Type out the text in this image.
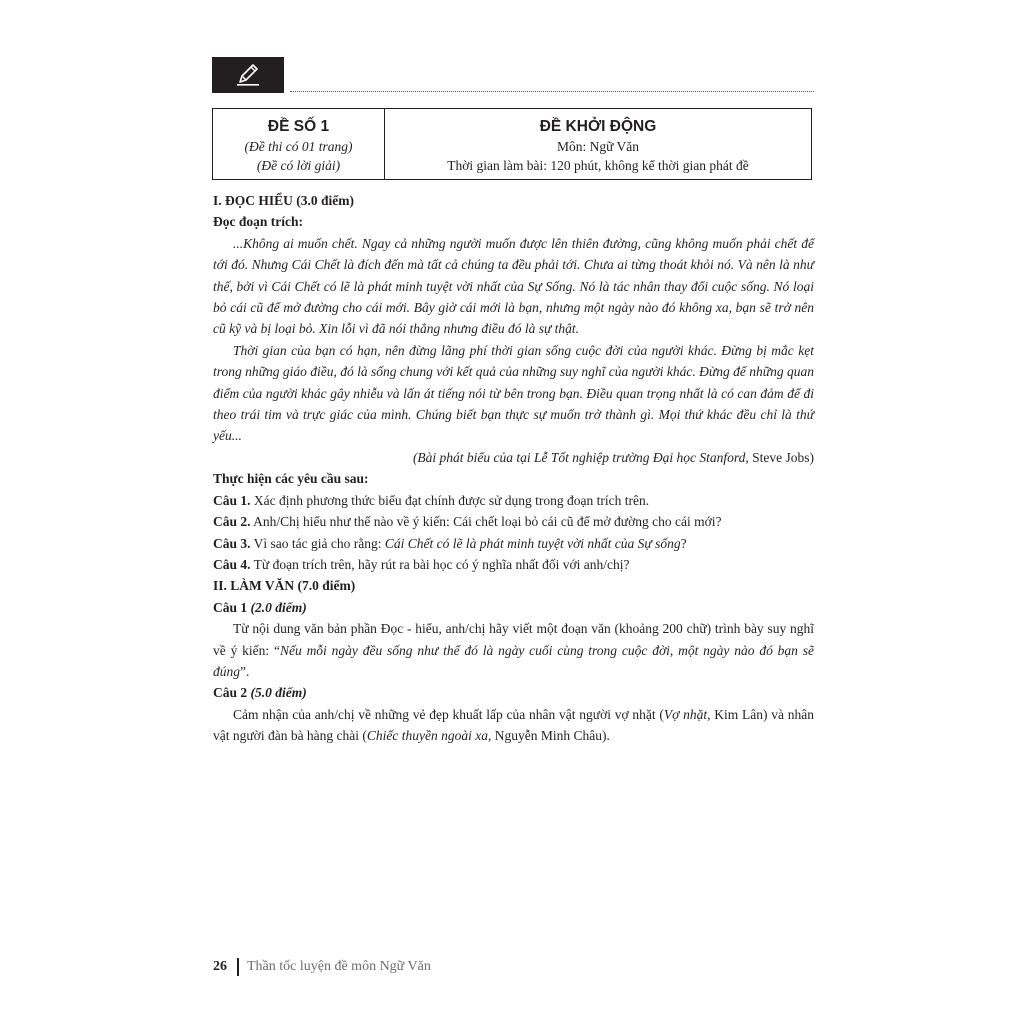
ĐỀ SỐ 1
(Đề thi có 01 trang)
(Đề có lời giải)
ĐỀ KHỞI ĐỘNG
Môn: Ngữ Văn
Thời gian làm bài: 120 phút, không kể thời gian phát đề

I. ĐỌC HIỂU (3.0 điểm)

Đọc đoạn trích:

...Không ai muốn chết. Ngay cả những người muốn được lên thiên đường, cũng không muốn phải chết để tới đó. Nhưng Cái Chết là đích đến mà tất cả chúng ta đều phải tới. Chưa ai từng thoát khỏi nó. Và nên là như thế, bởi vì Cái Chết có lẽ là phát minh tuyệt vời nhất của Sự Sống. Nó là tác nhân thay đổi cuộc sống. Nó loại bỏ cái cũ để mở đường cho cái mới. Bây giờ cái mới là bạn, nhưng một ngày nào đó không xa, bạn sẽ trở nên cũ kỹ và bị loại bỏ. Xin lỗi vì đã nói thẳng nhưng điều đó là sự thật.

Thời gian của bạn có hạn, nên đừng lãng phí thời gian sống cuộc đời của người khác. Đừng bị mắc kẹt trong những giáo điều, đó là sống chung với kết quả của những suy nghĩ của người khác. Đừng để những quan điểm của người khác gây nhiễu và lấn át tiếng nói từ bên trong bạn. Điều quan trọng nhất là có can đảm để đi theo trái tim và trực giác của mình. Chúng biết bạn thực sự muốn trở thành gì. Mọi thứ khác đều chỉ là thứ yếu...

(Bài phát biểu của tại Lễ Tốt nghiệp trường Đại học Stanford, Steve Jobs)

Thực hiện các yêu cầu sau:

Câu 1. Xác định phương thức biểu đạt chính được sử dụng trong đoạn trích trên.

Câu 2. Anh/Chị hiểu như thế nào về ý kiến: Cái chết loại bỏ cái cũ để mở đường cho cái mới?

Câu 3. Vì sao tác giả cho rằng: Cái Chết có lẽ là phát minh tuyệt vời nhất của Sự sống?

Câu 4. Từ đoạn trích trên, hãy rút ra bài học có ý nghĩa nhất đối với anh/chị?

II. LÀM VĂN (7.0 điểm)

Câu 1 (2.0 điểm)

Từ nội dung văn bản phần Đọc - hiểu, anh/chị hãy viết một đoạn văn (khoảng 200 chữ) trình bày suy nghĩ về ý kiến: “Nếu mỗi ngày đều sống như thể đó là ngày cuối cùng trong cuộc đời, một ngày nào đó bạn sẽ đúng”.

Câu 2 (5.0 điểm)

Cảm nhận của anh/chị về những vẻ đẹp khuất lấp của nhân vật người vợ nhặt (Vợ nhặt, Kim Lân) và nhân vật người đàn bà hàng chài (Chiếc thuyền ngoài xa, Nguyễn Minh Châu).

26 Thần tốc luyện đề môn Ngữ Văn
